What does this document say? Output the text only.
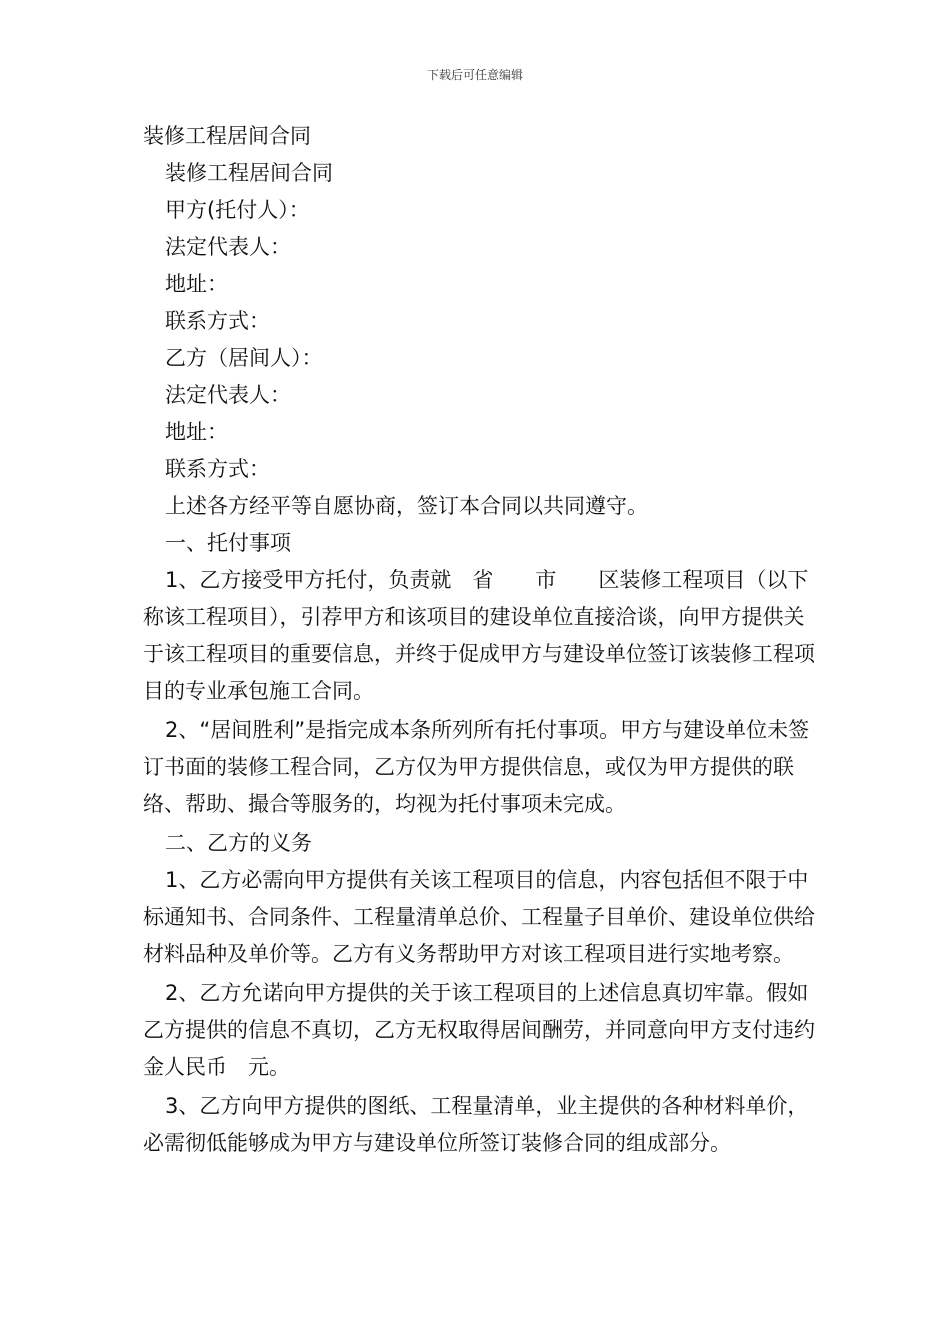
下载后可任意编辑
装修工程居间合同
装修工程居间合同
甲方(托付人）：
法定代表人：
地址：
联系方式：
乙方（居间人）：
法定代表人：
地址：
联系方式：
上述各方经平等自愿协商，签订本合同以共同遵守。
一、托付事项
1、乙方接受甲方托付，负责就　省　　市　　区装修工程项目（以下称该工程项目），引荐甲方和该项目的建设单位直接洽谈，向甲方提供关于该工程项目的重要信息，并终于促成甲方与建设单位签订该装修工程项目的专业承包施工合同。
2、“居间胜利”是指完成本条所列所有托付事项。甲方与建设单位未签订书面的装修工程合同，乙方仅为甲方提供信息，或仅为甲方提供的联络、帮助、撮合等服务的，均视为托付事项未完成。
二、乙方的义务
1、乙方必需向甲方提供有关该工程项目的信息，内容包括但不限于中标通知书、合同条件、工程量清单总价、工程量子目单价、建设单位供给材料品种及单价等。乙方有义务帮助甲方对该工程项目进行实地考察。
2、乙方允诺向甲方提供的关于该工程项目的上述信息真切牢靠。假如乙方提供的信息不真切，乙方无权取得居间酬劳，并同意向甲方支付违约金人民币　元。
3、乙方向甲方提供的图纸、工程量清单，业主提供的各种材料单价，必需彻低能够成为甲方与建设单位所签订装修合同的组成部分。
